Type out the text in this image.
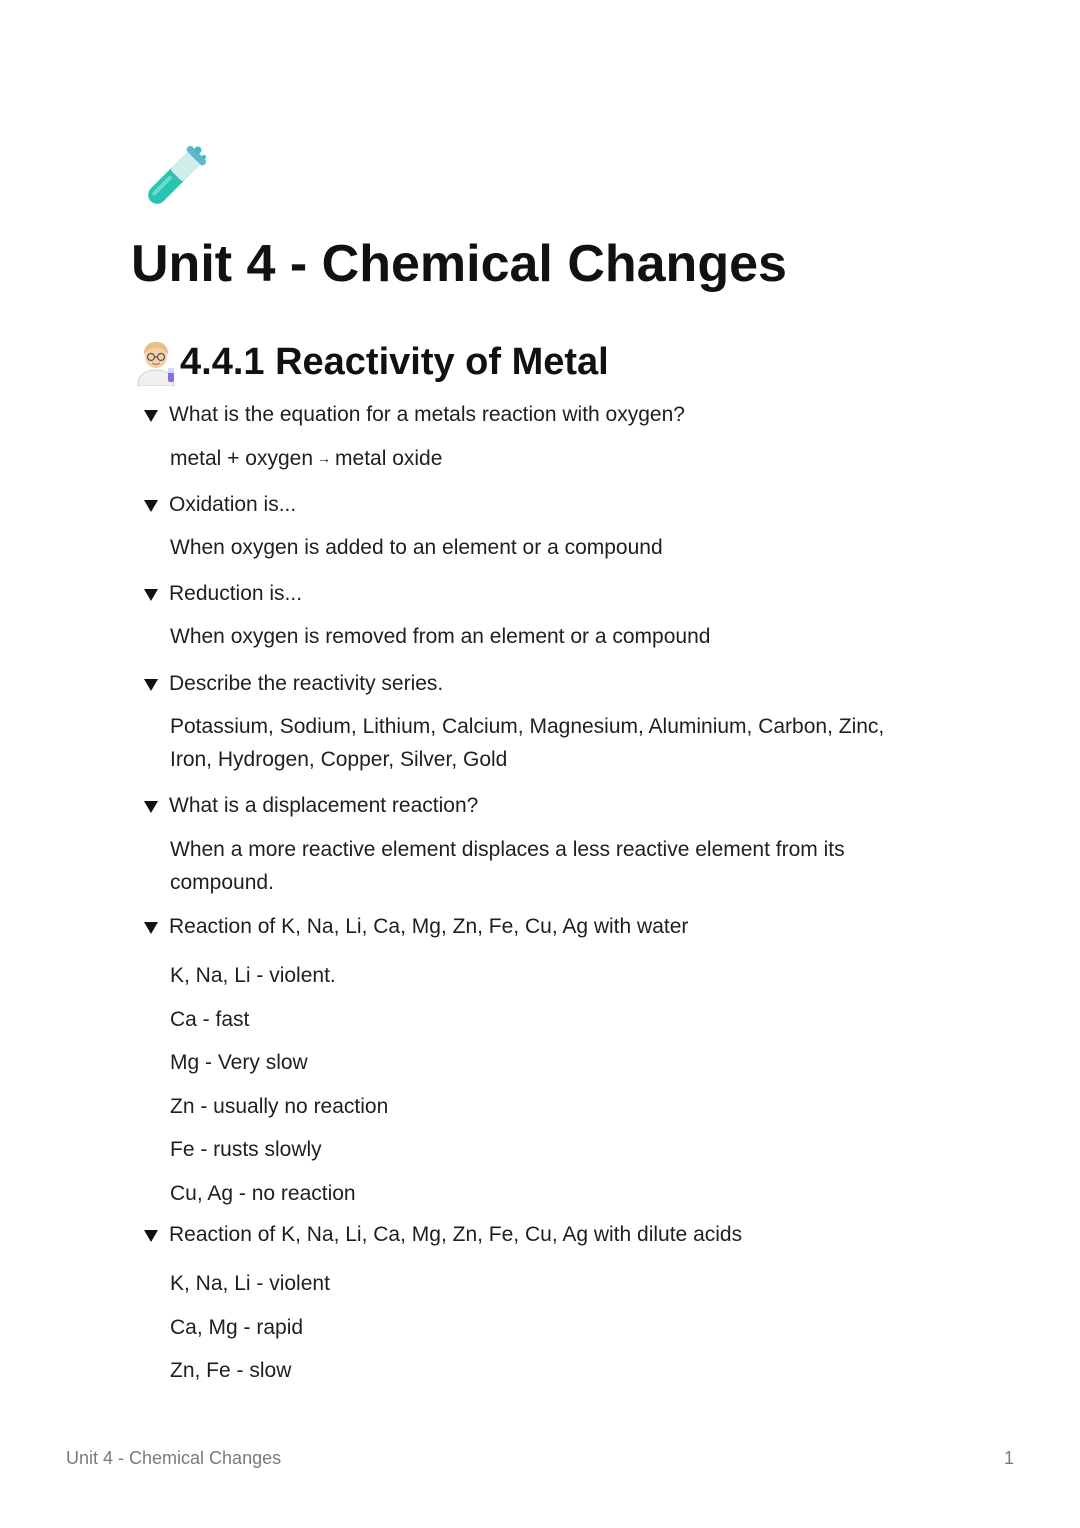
Unit 4 - Chemical Changes
4.4.1 Reactivity of Metal
What is the equation for a metals reaction with oxygen?
metal + oxygen → metal oxide
Oxidation is...
When oxygen is added to an element or a compound
Reduction is...
When oxygen is removed from an element or a compound
Describe the reactivity series.
Potassium, Sodium, Lithium, Calcium, Magnesium, Aluminium, Carbon, Zinc,
Iron, Hydrogen, Copper, Silver, Gold
What is a displacement reaction?
When a more reactive element displaces a less reactive element from its
compound.
Reaction of K, Na, Li, Ca, Mg, Zn, Fe, Cu, Ag with water
K, Na, Li - violent.
Ca - fast
Mg - Very slow
Zn - usually no reaction
Fe - rusts slowly
Cu, Ag - no reaction
Reaction of K, Na, Li, Ca, Mg, Zn, Fe, Cu, Ag with dilute acids
K, Na, Li - violent
Ca, Mg - rapid
Zn, Fe - slow
Unit 4 - Chemical Changes	1
